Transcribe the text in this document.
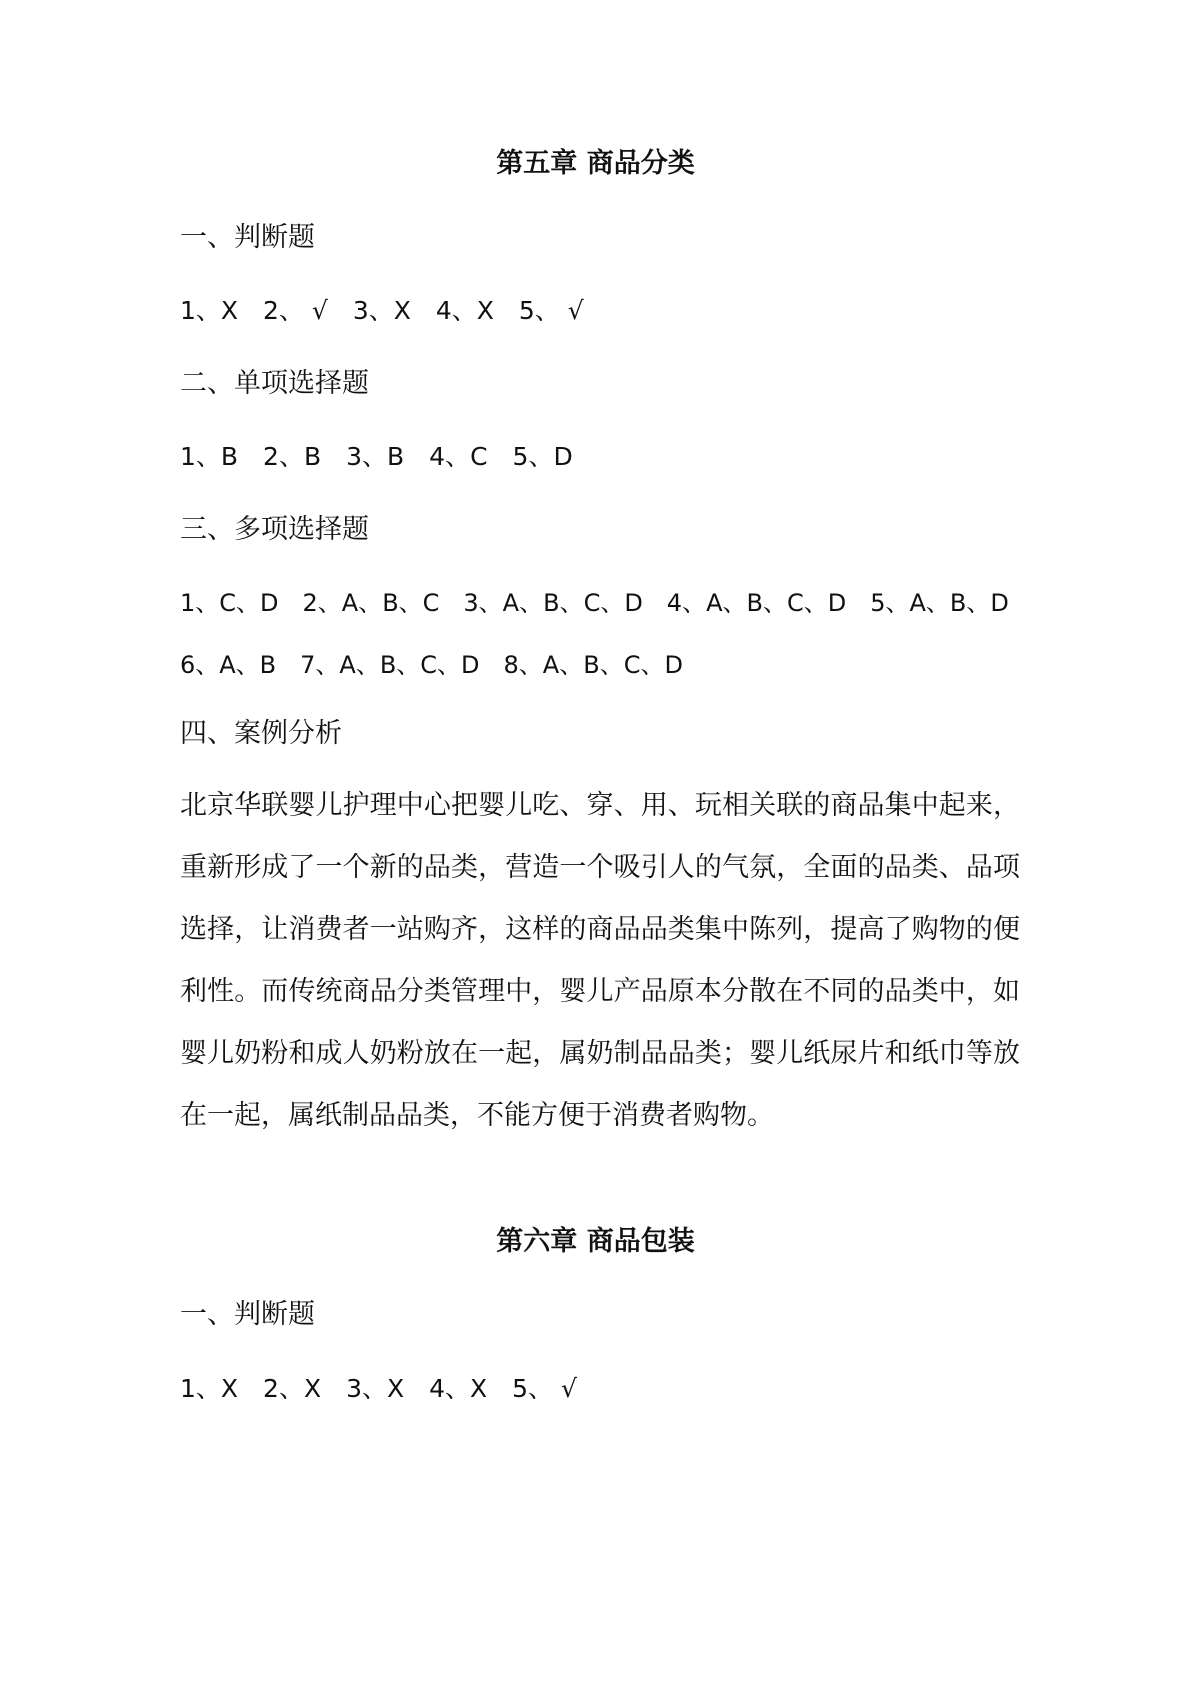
第五章 商品分类
一、判断题
1、X　2、 √　3、X　4、X　5、 √
二、单项选择题
1、B　2、B　3、B　4、C　5、D
三、多项选择题
1、C、D　2、A、B、C　3、A、B、C、D　4、A、B、C、D　5、A、B、D　6、A、B　7、A、B、C、D　8、A、B、C、D
四、案例分析
北京华联婴儿护理中心把婴儿吃、穿、用、玩相关联的商品集中起来，重新形成了一个新的品类，营造一个吸引人的气氛，全面的品类、品项选择，让消费者一站购齐，这样的商品品类集中陈列，提高了购物的便利性。而传统商品分类管理中，婴儿产品原本分散在不同的品类中，如婴儿奶粉和成人奶粉放在一起，属奶制品品类；婴儿纸尿片和纸巾等放在一起，属纸制品品类，不能方便于消费者购物。
第六章 商品包装
一、判断题
1、X　2、X　3、X　4、X　5、 √
